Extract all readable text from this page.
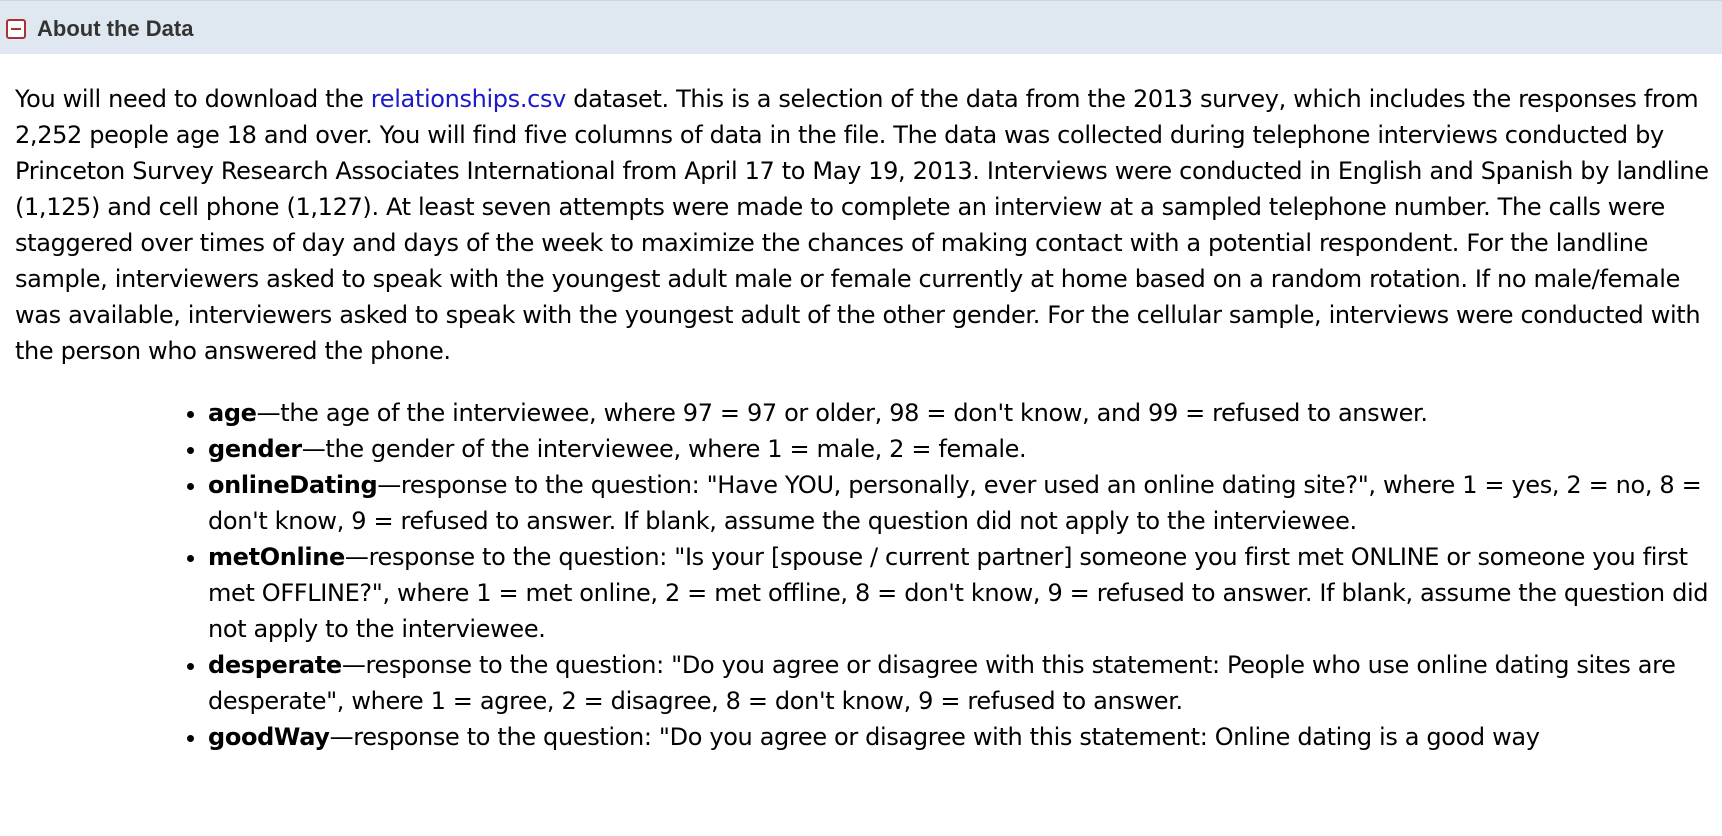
About the Data

You will need to download the relationships.csv dataset. This is a selection of the data from the 2013 survey, which includes the responses from 2,252 people age 18 and over. You will find five columns of data in the file. The data was collected during telephone interviews conducted by Princeton Survey Research Associates International from April 17 to May 19, 2013. Interviews were conducted in English and Spanish by landline (1,125) and cell phone (1,127). At least seven attempts were made to complete an interview at a sampled telephone number. The calls were staggered over times of day and days of the week to maximize the chances of making contact with a potential respondent. For the landline sample, interviewers asked to speak with the youngest adult male or female currently at home based on a random rotation. If no male/female was available, interviewers asked to speak with the youngest adult of the other gender. For the cellular sample, interviews were conducted with the person who answered the phone.

• age—the age of the interviewee, where 97 = 97 or older, 98 = don't know, and 99 = refused to answer.
• gender—the gender of the interviewee, where 1 = male, 2 = female.
• onlineDating—response to the question: "Have YOU, personally, ever used an online dating site?", where 1 = yes, 2 = no, 8 = don't know, 9 = refused to answer. If blank, assume the question did not apply to the interviewee.
• metOnline—response to the question: "Is your [spouse / current partner] someone you first met ONLINE or someone you first met OFFLINE?", where 1 = met online, 2 = met offline, 8 = don't know, 9 = refused to answer. If blank, assume the question did not apply to the interviewee.
• desperate—response to the question: "Do you agree or disagree with this statement: People who use online dating sites are desperate", where 1 = agree, 2 = disagree, 8 = don't know, 9 = refused to answer.
• goodWay—response to the question: "Do you agree or disagree with this statement: Online dating is a good way
